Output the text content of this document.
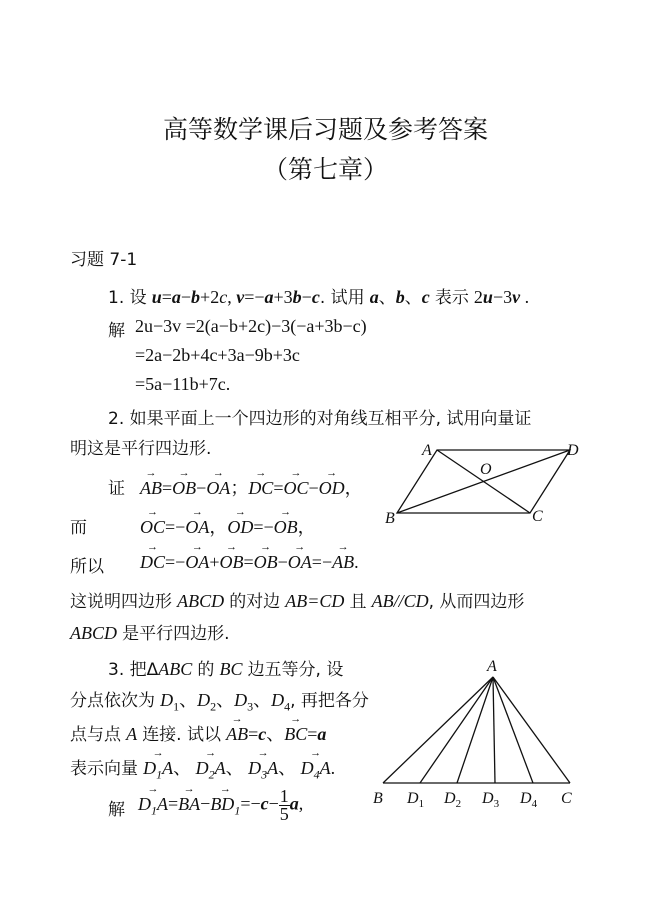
高等数学课后习题及参考答案
（第七章）
习题 7-1
1. 设 u=a−b+2c, v=−a+3b−c. 试用 a、b、c 表示 2u−3v .
解 2u−3v =2(a−b+2c)−3(−a+3b−c)
=2a−2b+4c+3a−9b+3c
=5a−11b+7c.
2. 如果平面上一个四边形的对角线互相平分, 试用向量证
明这是平行四边形.
证 → AB=→ OB−→ OA；→ DC=→ OC−→ OD，
而	→ OC=−→ OA，→ OD=−→ OB，
所以 → DC=−→ OA+→ OB=→ OB−→ OA=−→ AB.
这说明四边形 ABCD 的对边 AB=CD 且 AB//CD, 从而四边形
ABCD 是平行四边形.
A	D
O
B	C
3. 把ΔABC 的 BC 边五等分, 设
分点依次为 $D_1$、$D_2$、$D_3$、$D_4$, 再把各分
点与点 A 连接. 试以 → AB=c、→ BC=a
表示向量 → $D_1A$、 → $D_2A$、 → $D_3A$、 → $D_4A$.
解 → $D_1A=\to BA-\to BD_1=-c- \frac{1}{5} a$,
A
B $D_1$ $D_2$ $D_3$ $D_4$ C
